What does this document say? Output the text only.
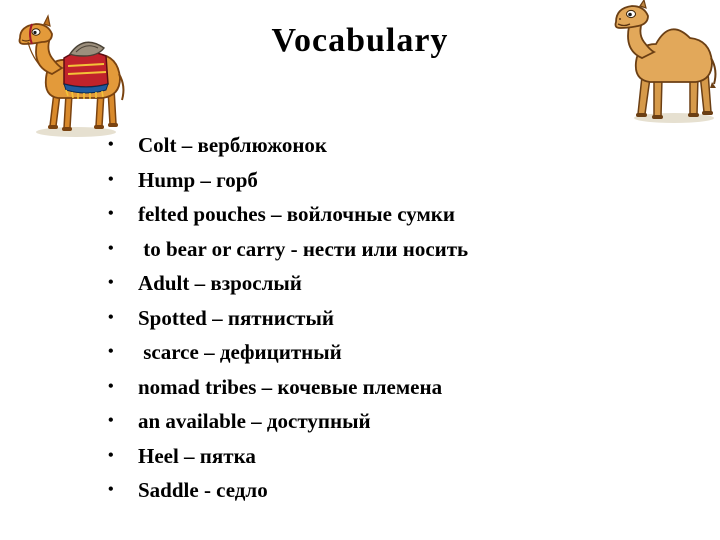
Vocabulary
• Colt – верблюжонок
• Hump – горб
• felted pouches – войлочные сумки
• to bear or carry - нести или носить
• Adult – взрослый
• Spotted – пятнистый
• scarce – дефицитный
• nomad tribes – кочевые племена
• an available – доступный
• Heel – пятка
• Saddle - седло
